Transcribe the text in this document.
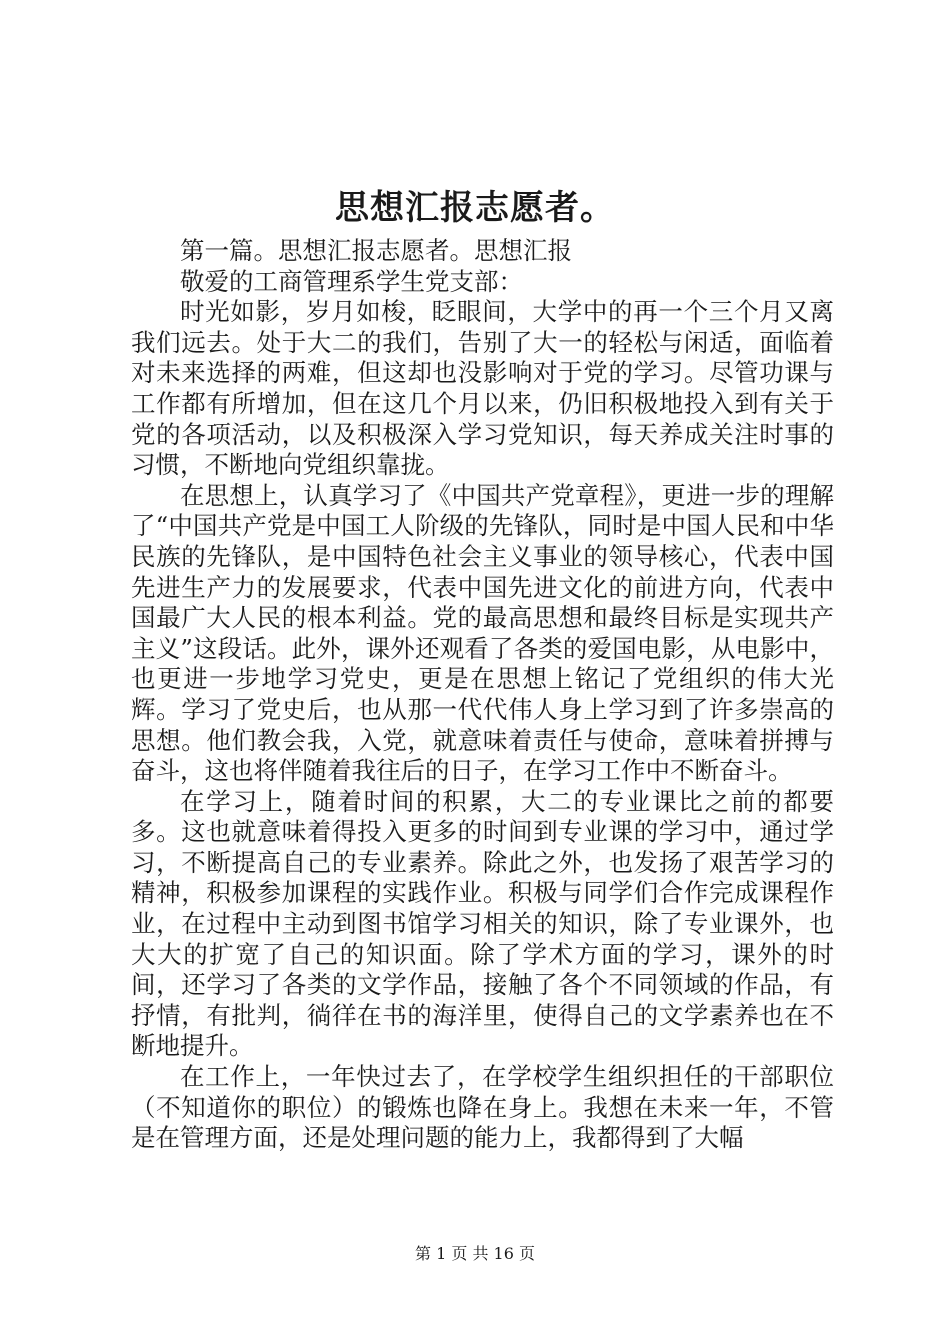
思想汇报志愿者。

第一篇。思想汇报志愿者。思想汇报

敬爱的工商管理系学生党支部：

时光如影，岁月如梭，眨眼间，大学中的再一个三个月又离我们远去。处于大二的我们，告别了大一的轻松与闲适，面临着对未来选择的两难，但这却也没影响对于党的学习。尽管功课与工作都有所增加，但在这几个月以来，仍旧积极地投入到有关于党的各项活动，以及积极深入学习党知识，每天养成关注时事的习惯，不断地向党组织靠拢。

在思想上，认真学习了《中国共产党章程》，更进一步的理解了“中国共产党是中国工人阶级的先锋队，同时是中国人民和中华民族的先锋队，是中国特色社会主义事业的领导核心，代表中国先进生产力的发展要求，代表中国先进文化的前进方向，代表中国最广大人民的根本利益。党的最高思想和最终目标是实现共产主义”这段话。此外，课外还观看了各类的爱国电影，从电影中，也更进一步地学习党史，更是在思想上铭记了党组织的伟大光辉。学习了党史后，也从那一代代伟人身上学习到了许多崇高的思想。他们教会我，入党，就意味着责任与使命，意味着拼搏与奋斗，这也将伴随着我往后的日子，在学习工作中不断奋斗。

在学习上，随着时间的积累，大二的专业课比之前的都要多。这也就意味着得投入更多的时间到专业课的学习中，通过学习，不断提高自己的专业素养。除此之外，也发扬了艰苦学习的精神，积极参加课程的实践作业。积极与同学们合作完成课程作业，在过程中主动到图书馆学习相关的知识，除了专业课外，也大大的扩宽了自己的知识面。除了学术方面的学习，课外的时间，还学习了各类的文学作品，接触了各个不同领域的作品，有抒情，有批判，徜徉在书的海洋里，使得自己的文学素养也在不断地提升。

在工作上，一年快过去了，在学校学生组织担任的干部职位（不知道你的职位）的锻炼也降在身上。我想在未来一年，不管是在管理方面，还是处理问题的能力上，我都得到了大幅

第 1 页 共 16 页
